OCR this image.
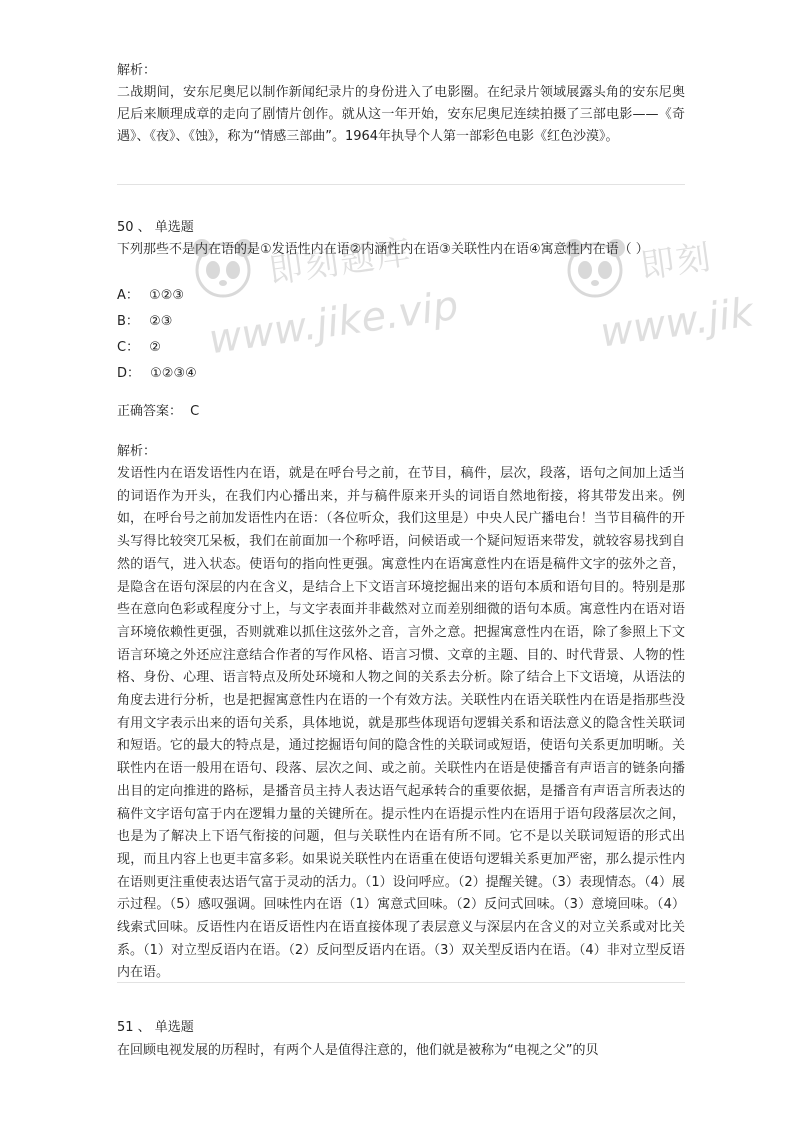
解析：

二战期间，安东尼奥尼以制作新闻纪录片的身份进入了电影圈。在纪录片领域展露头角的安东尼奥尼后来顺理成章的走向了剧情片创作。就从这一年开始，安东尼奥尼连续拍摄了三部电影——《奇遇》、《夜》、《蚀》，称为“情感三部曲”。1964年执导个人第一部彩色电影《红色沙漠》。

50 、 单选题

下列那些不是内在语的是①发语性内在语②内涵性内在语③关联性内在语④寓意性内在语（ ）

A： ①②③
B： ②③
C： ②
D： ①②③④
正确答案： C

解析：

发语性内在语发语性内在语，就是在呼台号之前，在节目，稿件，层次，段落，语句之间加上适当的词语作为开头，在我们内心播出来，并与稿件原来开头的词语自然地衔接，将其带发出来。例如，在呼台号之前加发语性内在语：（各位听众，我们这里是）中央人民广播电台！当节目稿件的开头写得比较突兀呆板，我们在前面加一个称呼语，问候语或一个疑问短语来带发，就较容易找到自然的语气，进入状态。使语句的指向性更强。寓意性内在语寓意性内在语是稿件文字的弦外之音，是隐含在语句深层的内在含义，是结合上下文语言环境挖掘出来的语句本质和语句目的。特别是那些在意向色彩或程度分寸上，与文字表面并非截然对立而差别细微的语句本质。寓意性内在语对语言环境依赖性更强，否则就难以抓住这弦外之音，言外之意。把握寓意性内在语，除了参照上下文语言环境之外还应注意结合作者的写作风格、语言习惯、文章的主题、目的、时代背景、人物的性格、身份、心理、语言特点及所处环境和人物之间的关系去分析。除了结合上下文语境，从语法的角度去进行分析，也是把握寓意性内在语的一个有效方法。关联性内在语关联性内在语是指那些没有用文字表示出来的语句关系，具体地说，就是那些体现语句逻辑关系和语法意义的隐含性关联词和短语。它的最大的特点是，通过挖掘语句间的隐含性的关联词或短语，使语句关系更加明晰。关联性内在语一般用在语句、段落、层次之间、或之前。关联性内在语是使播音有声语言的链条向播出目的定向推进的路标，是播音员主持人表达语气起承转合的重要依据，是播音有声语言所表达的稿件文字语句富于内在逻辑力量的关键所在。提示性内在语提示性内在语用于语句段落层次之间，也是为了解决上下语气衔接的问题，但与关联性内在语有所不同。它不是以关联词短语的形式出现，而且内容上也更丰富多彩。如果说关联性内在语重在使语句逻辑关系更加严密，那么提示性内在语则更注重使表达语气富于灵动的活力。（1）设问呼应。（2）提醒关键。（3）表现情态。（4）展示过程。（5）感叹强调。回味性内在语（1）寓意式回味。（2）反问式回味。（3）意境回味。（4）线索式回味。反语性内在语反语性内在语直接体现了表层意义与深层内在含义的对立关系或对比关系。（1）对立型反语内在语。（2）反问型反语内在语。（3）双关型反语内在语。（4）非对立型反语内在语。

51 、 单选题

在回顾电视发展的历程时，有两个人是值得注意的，他们就是被称为“电视之父”的贝

即刻题库
www.jike.vip
即刻
www.jik
